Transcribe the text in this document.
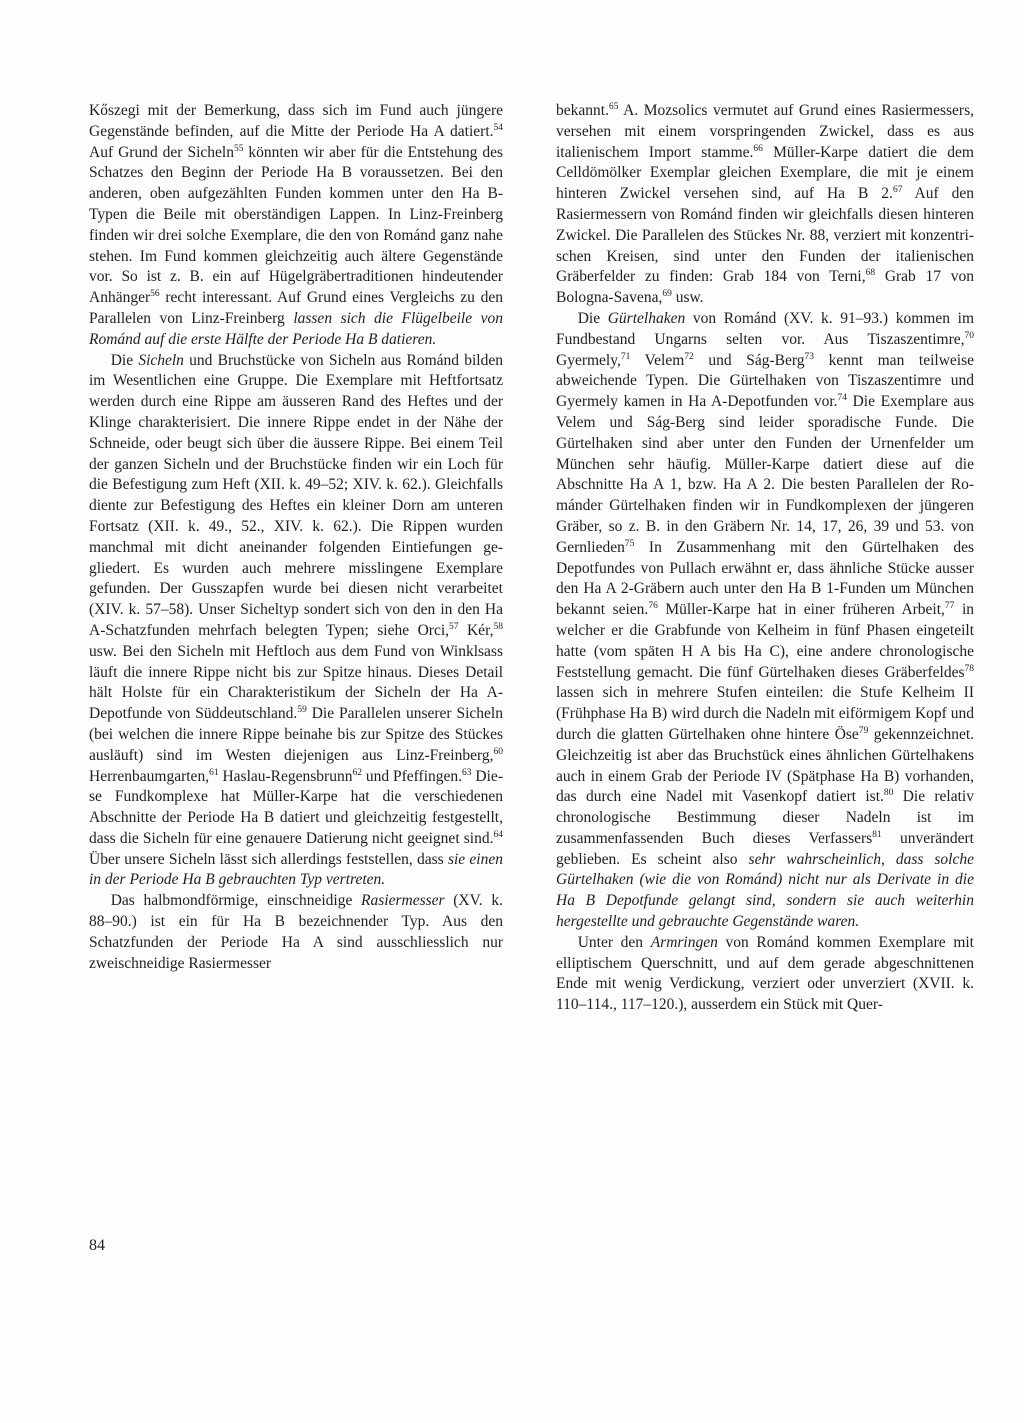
Kőszegi mit der Bemerkung, dass sich im Fund auch jüngere Gegenstände befinden, auf die Mitte der Periode Ha A datiert.$^{54}$ Auf Grund der Sicheln$^{55}$ könnten wir aber für die Entstehung des Schatzes den Beginn der Periode Ha B voraussetzen. Bei den anderen, oben aufgezählten Funden kommen unter den Ha B-Typen die Beile mit oberständigen Lappen. In Linz-Freinberg finden wir drei solche Exemplare, die den von Románd ganz nahe stehen. Im Fund kommen gleichzeitig auch ältere Gegenstände vor. So ist z. B. ein auf Hügelgräbertraditionen hindeutender Anhänger$^{56}$ recht interessant. Auf Grund eines Vergleichs zu den Parallelen von Linz-Freinberg lassen sich die Flügelbeile von Románd auf die erste Hälfte der Periode Ha B datieren.

Die Sicheln und Bruchstücke von Sicheln aus Románd bilden im Wesentlichen eine Gruppe. Die Exemplare mit Heftfortsatz werden durch eine Rippe am äusseren Rand des Heftes und der Klinge charakterisiert. Die innere Rippe endet in der Nähe der Schneide, oder beugt sich über die äussere Rippe. Bei einem Teil der ganzen Sicheln und der Bruchstücke finden wir ein Loch für die Befestigung zum Heft (XII. k. 49–52; XIV. k. 62.). Gleichfalls diente zur Befestigung des Heftes ein kleiner Dorn am unteren Fortsatz (XII. k. 49., 52., XIV. k. 62.). Die Rippen wurden manchmal mit dicht aneinander folgenden Eintiefungen gegliedert. Es wurden auch mehrere misslingene Exemplare gefunden. Der Gusszapfen wurde bei diesen nicht verarbeitet (XIV. k. 57–58). Unser Sicheltyp sondert sich von den in den Ha A-Schatzfunden mehrfach belegten Typen; siehe Orci,$^{57}$ Kér,$^{58}$ usw. Bei den Sicheln mit Heftloch aus dem Fund von Winklsass läuft die innere Rippe nicht bis zur Spitze hinaus. Dieses Detail hält Holste für ein Charakteristikum der Sicheln der Ha A-Depotfunde von Süddeutschland.$^{59}$ Die Parallelen unserer Sicheln (bei welchen die innere Rippe beinahe bis zur Spitze des Stückes ausläuft) sind im Westen diejenigen aus Linz-Freinberg,$^{60}$ Herrenbaumgarten,$^{61}$ Haslau-Regensbrunn$^{62}$ und Pfeffingen.$^{63}$ Diese Fundkomplexe hat Müller-Karpe hat die verschiedenen Abschnitte der Periode Ha B datiert und gleichzeitig festgestellt, dass die Sicheln für eine genauere Datierung nicht geeignet sind.$^{64}$ Über unsere Sicheln lässt sich allerdings feststellen, dass sie einen in der Periode Ha B gebrauchten Typ vertreten.

Das halbmondförmige, einschneidige Rasiermesser (XV. k. 88–90.) ist ein für Ha B bezeichnender Typ. Aus den Schatzfunden der Periode Ha A sind ausschliesslich nur zweischneidige Rasiermesser

bekannt.$^{65}$ A. Mozsolics vermutet auf Grund eines Rasiermessers, versehen mit einem vorspringenden Zwickel, dass es aus italienischem Import stamme.$^{66}$ Müller-Karpe datiert die dem Celldömölker Exemplar gleichen Exemplare, die mit je einem hinteren Zwickel versehen sind, auf Ha B 2.67 Auf den Rasiermessern von Románd finden wir gleichfalls diesen hinteren Zwickel. Die Parallelen des Stückes Nr. 88, verziert mit konzentrischen Kreisen, sind unter den Funden der italienischen Gräberfelder zu finden: Grab 184 von Terni,$^{68}$ Grab 17 von Bologna-Savena,$^{69}$ usw.

Die Gürtelhaken von Románd (XV. k. 91–93.) kommen im Fundbestand Ungarns selten vor. Aus Tiszaszentimre,$^{70}$ Gyermely,$^{71}$ Velem$^{72}$ und Ság-Berg$^{73}$ kennt man teilweise abweichende Typen. Die Gürtelhaken von Tiszaszentimre und Gyermely kamen in Ha A-Depotfunden vor.$^{74}$ Die Exemplare aus Velem und Ság-Berg sind leider sporadische Funde. Die Gürtelhaken sind aber unter den Funden der Urnenfelder um München sehr häufig. Müller-Karpe datiert diese auf die Abschnitte Ha A 1, bzw. Ha A 2. Die besten Parallelen der Románder Gürtelhaken finden wir in Fundkomplexen der jüngeren Gräber, so z. B. in den Gräbern Nr. 14, 17, 26, 39 und 53. von Gernlieden$^{75}$ In Zusammenhang mit den Gürtelhaken des Depotfundes von Pullach erwähnt er, dass ähnliche Stücke ausser den Ha A 2-Gräbern auch unter den Ha B 1-Funden um München bekannt seien.$^{76}$ Müller-Karpe hat in einer früheren Arbeit,$^{77}$ in welcher er die Grabfunde von Kelheim in fünf Phasen eingeteilt hatte (vom späten H A bis Ha C), eine andere chronologische Feststellung gemacht. Die fünf Gürtelhaken dieses Gräberfeldes$^{78}$ lassen sich in mehrere Stufen einteilen: die Stufe Kelheim II (Frühphase Ha B) wird durch die Nadeln mit eiförmigem Kopf und durch die glatten Gürtelhaken ohne hintere Öse$^{79}$ gekennzeichnet. Gleichzeitig ist aber das Bruchstück eines ähnlichen Gürtelhakens auch in einem Grab der Periode IV (Spätphase Ha B) vorhanden, das durch eine Nadel mit Vasenkopf datiert ist.$^{80}$ Die relativ chronologische Bestimmung dieser Nadeln ist im zusammenfassenden Buch dieses Verfassers$^{81}$ unverändert geblieben. Es scheint also sehr wahrscheinlich, dass solche Gürtelhaken (wie die von Románd) nicht nur als Derivate in die Ha B Depotfunde gelangt sind, sondern sie auch weiterhin hergestellte und gebrauchte Gegenstände waren.

Unter den Armringen von Románd kommen Exemplare mit elliptischem Querschnitt, und auf dem gerade abgeschnittenen Ende mit wenig Verdickung, verziert oder unverziert (XVII. k. 110–114., 117–120.), ausserdem ein Stück mit Quer-

84
